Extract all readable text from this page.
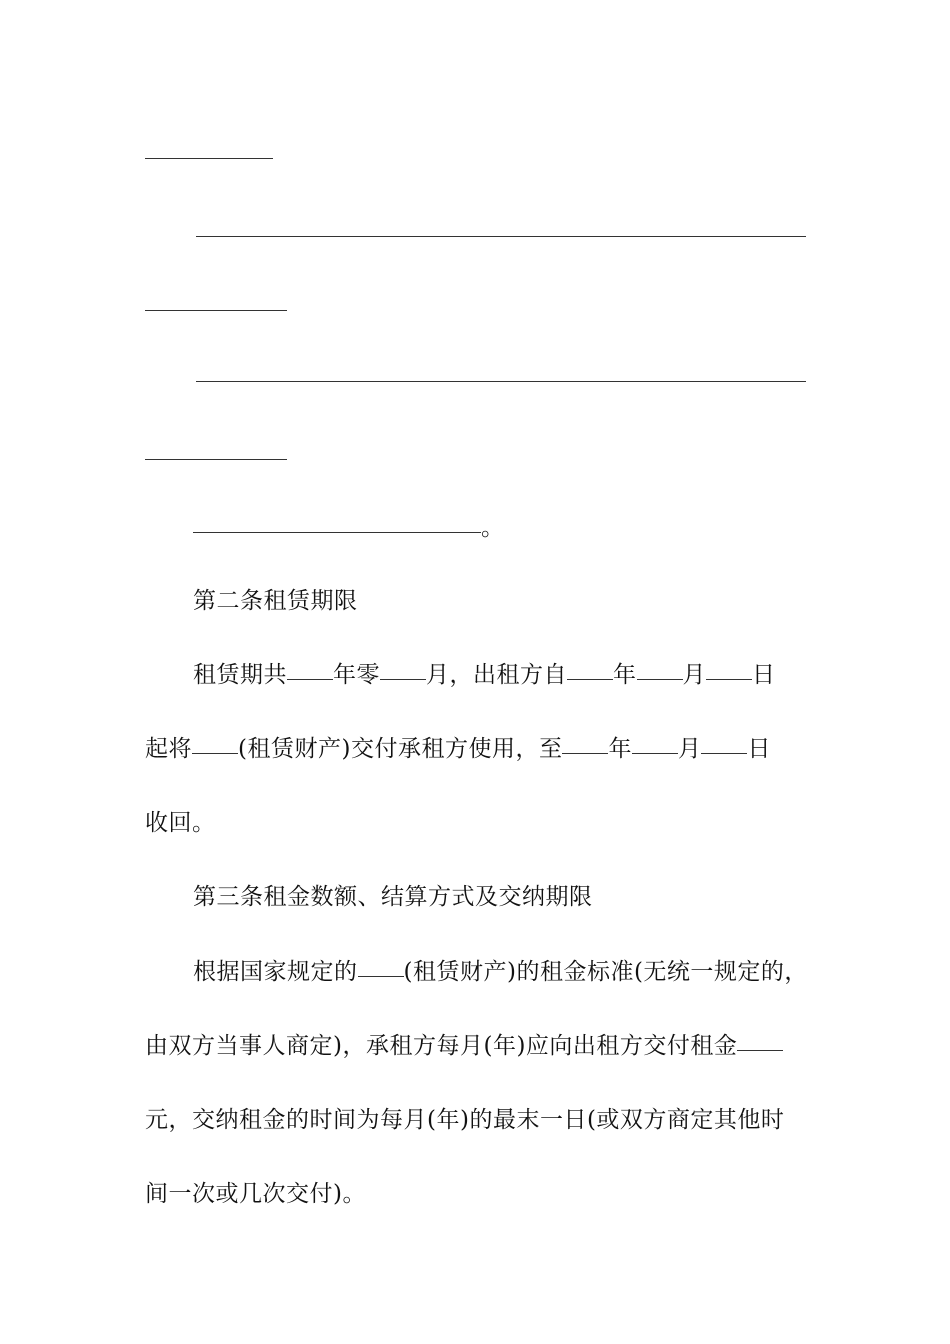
。
第二条租赁期限
租赁期共 年零 月，出租方自 年 月 日
起将 (租赁财产)交付承租方使用，至 年 月 日
收回。
第三条租金数额、结算方式及交纳期限
根据国家规定的 (租赁财产)的租金标准(无统一规定的，
由双方当事人商定)，承租方每月(年)应向出租方交付租金
元，交纳租金的时间为每月(年)的最末一日(或双方商定其他时
间一次或几次交付)。
